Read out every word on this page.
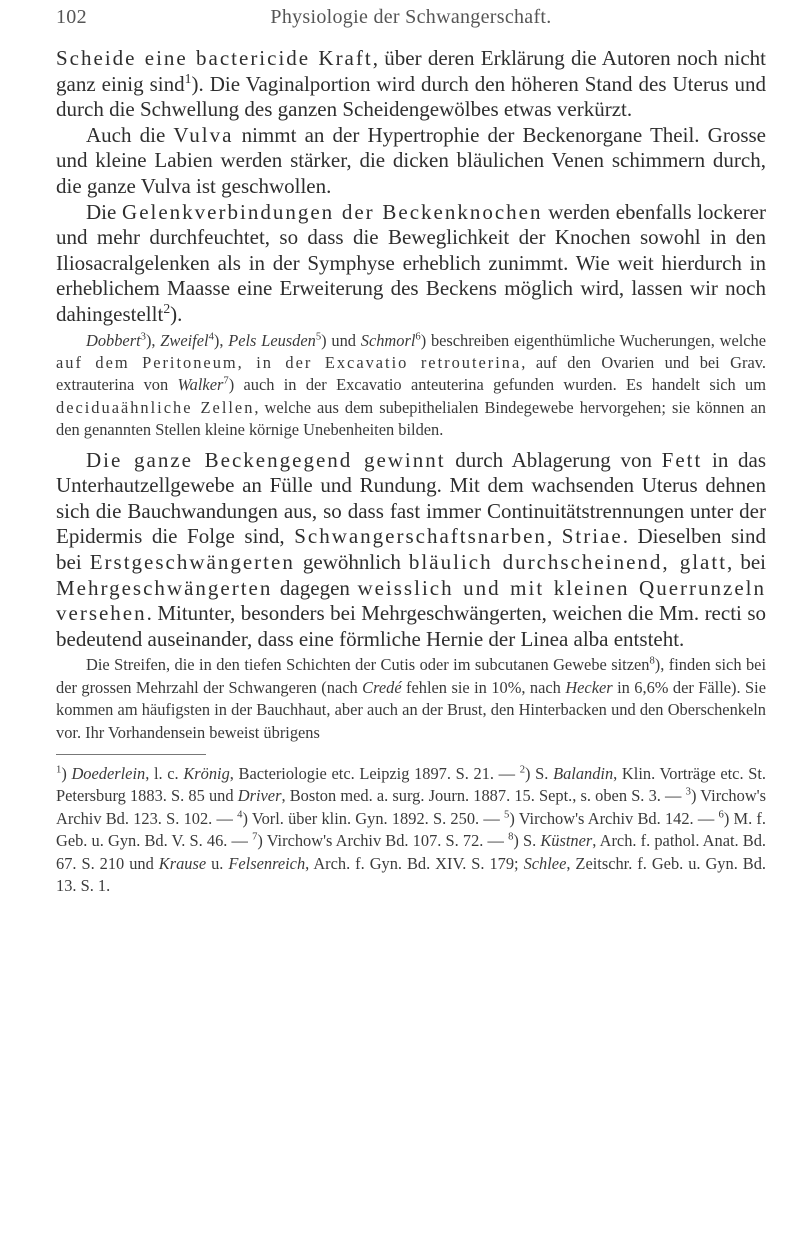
102	Physiologie der Schwangerschaft.

Scheide eine bactericide Kraft, über deren Erklärung die Autoren noch nicht ganz einig sind$^1$). Die Vaginalportion wird durch den höheren Stand des Uterus und durch die Schwellung des ganzen Scheidengewölbes etwas verkürzt.

Auch die Vulva nimmt an der Hypertrophie der Beckenorgane Theil. Grosse und kleine Labien werden stärker, die dicken bläulichen Venen schimmern durch, die ganze Vulva ist geschwollen.

Die Gelenkverbindungen der Beckenknochen werden ebenfalls lockerer und mehr durchfeuchtet, so dass die Beweglichkeit der Knochen sowohl in den Iliosacralgelenken als in der Symphyse erheblich zunimmt. Wie weit hierdurch in erheblichem Maasse eine Erweiterung des Beckens möglich wird, lassen wir noch dahingestellt$^2$).

Dobbert$^3$), Zweifel$^4$), Pels Leusden$^5$) und Schmorl$^6$) beschreiben eigenthümliche Wucherungen, welche auf dem Peritoneum, in der Excavatio retrouterina, auf den Ovarien und bei Grav. extrauterina von Walker$^7$) auch in der Excavatio anteuterina gefunden wurden. Es handelt sich um deciduaähnliche Zellen, welche aus dem subepithelialen Bindegewebe hervorgehen; sie können an den genannten Stellen kleine körnige Unebenheiten bilden.

Die ganze Beckengegend gewinnt durch Ablagerung von Fett in das Unterhautzellgewebe an Fülle und Rundung. Mit dem wachsenden Uterus dehnen sich die Bauchwandungen aus, so dass fast immer Continuitätstrennungen unter der Epidermis die Folge sind, Schwangerschaftsnarben, Striae. Dieselben sind bei Erstgeschwängerten gewöhnlich bläulich durchscheinend, glatt, bei Mehrgeschwängerten dagegen weisslich und mit kleinen Querrunzeln versehen. Mitunter, besonders bei Mehrgeschwängerten, weichen die Mm. recti so bedeutend auseinander, dass eine förmliche Hernie der Linea alba entsteht.

Die Streifen, die in den tiefen Schichten der Cutis oder im subcutanen Gewebe sitzen$^8$), finden sich bei der grossen Mehrzahl der Schwangeren (nach Credé fehlen sie in 10%, nach Hecker in 6,6% der Fälle). Sie kommen am häufigsten in der Bauchhaut, aber auch an der Brust, den Hinterbacken und den Oberschenkeln vor. Ihr Vorhandensein beweist übrigens

$^1$) Doederlein, l. c. Krönig, Bacteriologie etc. Leipzig 1897. S. 21. — $^2$) S. Balandin, Klin. Vorträge etc. St. Petersburg 1883. S. 85 und Driver, Boston med. a. surg. Journ. 1887. 15. Sept., s. oben S. 3. — $^3$) Virchow's Archiv Bd. 123. S. 102. — $^4$) Vorl. über klin. Gyn. 1892. S. 250. — $^5$) Virchow's Archiv Bd. 142. — $^6$) M. f. Geb. u. Gyn. Bd. V. S. 46. — $^7$) Virchow's Archiv Bd. 107. S. 72. — $^8$) S. Küstner, Arch. f. pathol. Anat. Bd. 67. S. 210 und Krause u. Felsenreich, Arch. f. Gyn. Bd. XIV. S. 179; Schlee, Zeitschr. f. Geb. u. Gyn. Bd. 13. S. 1.
